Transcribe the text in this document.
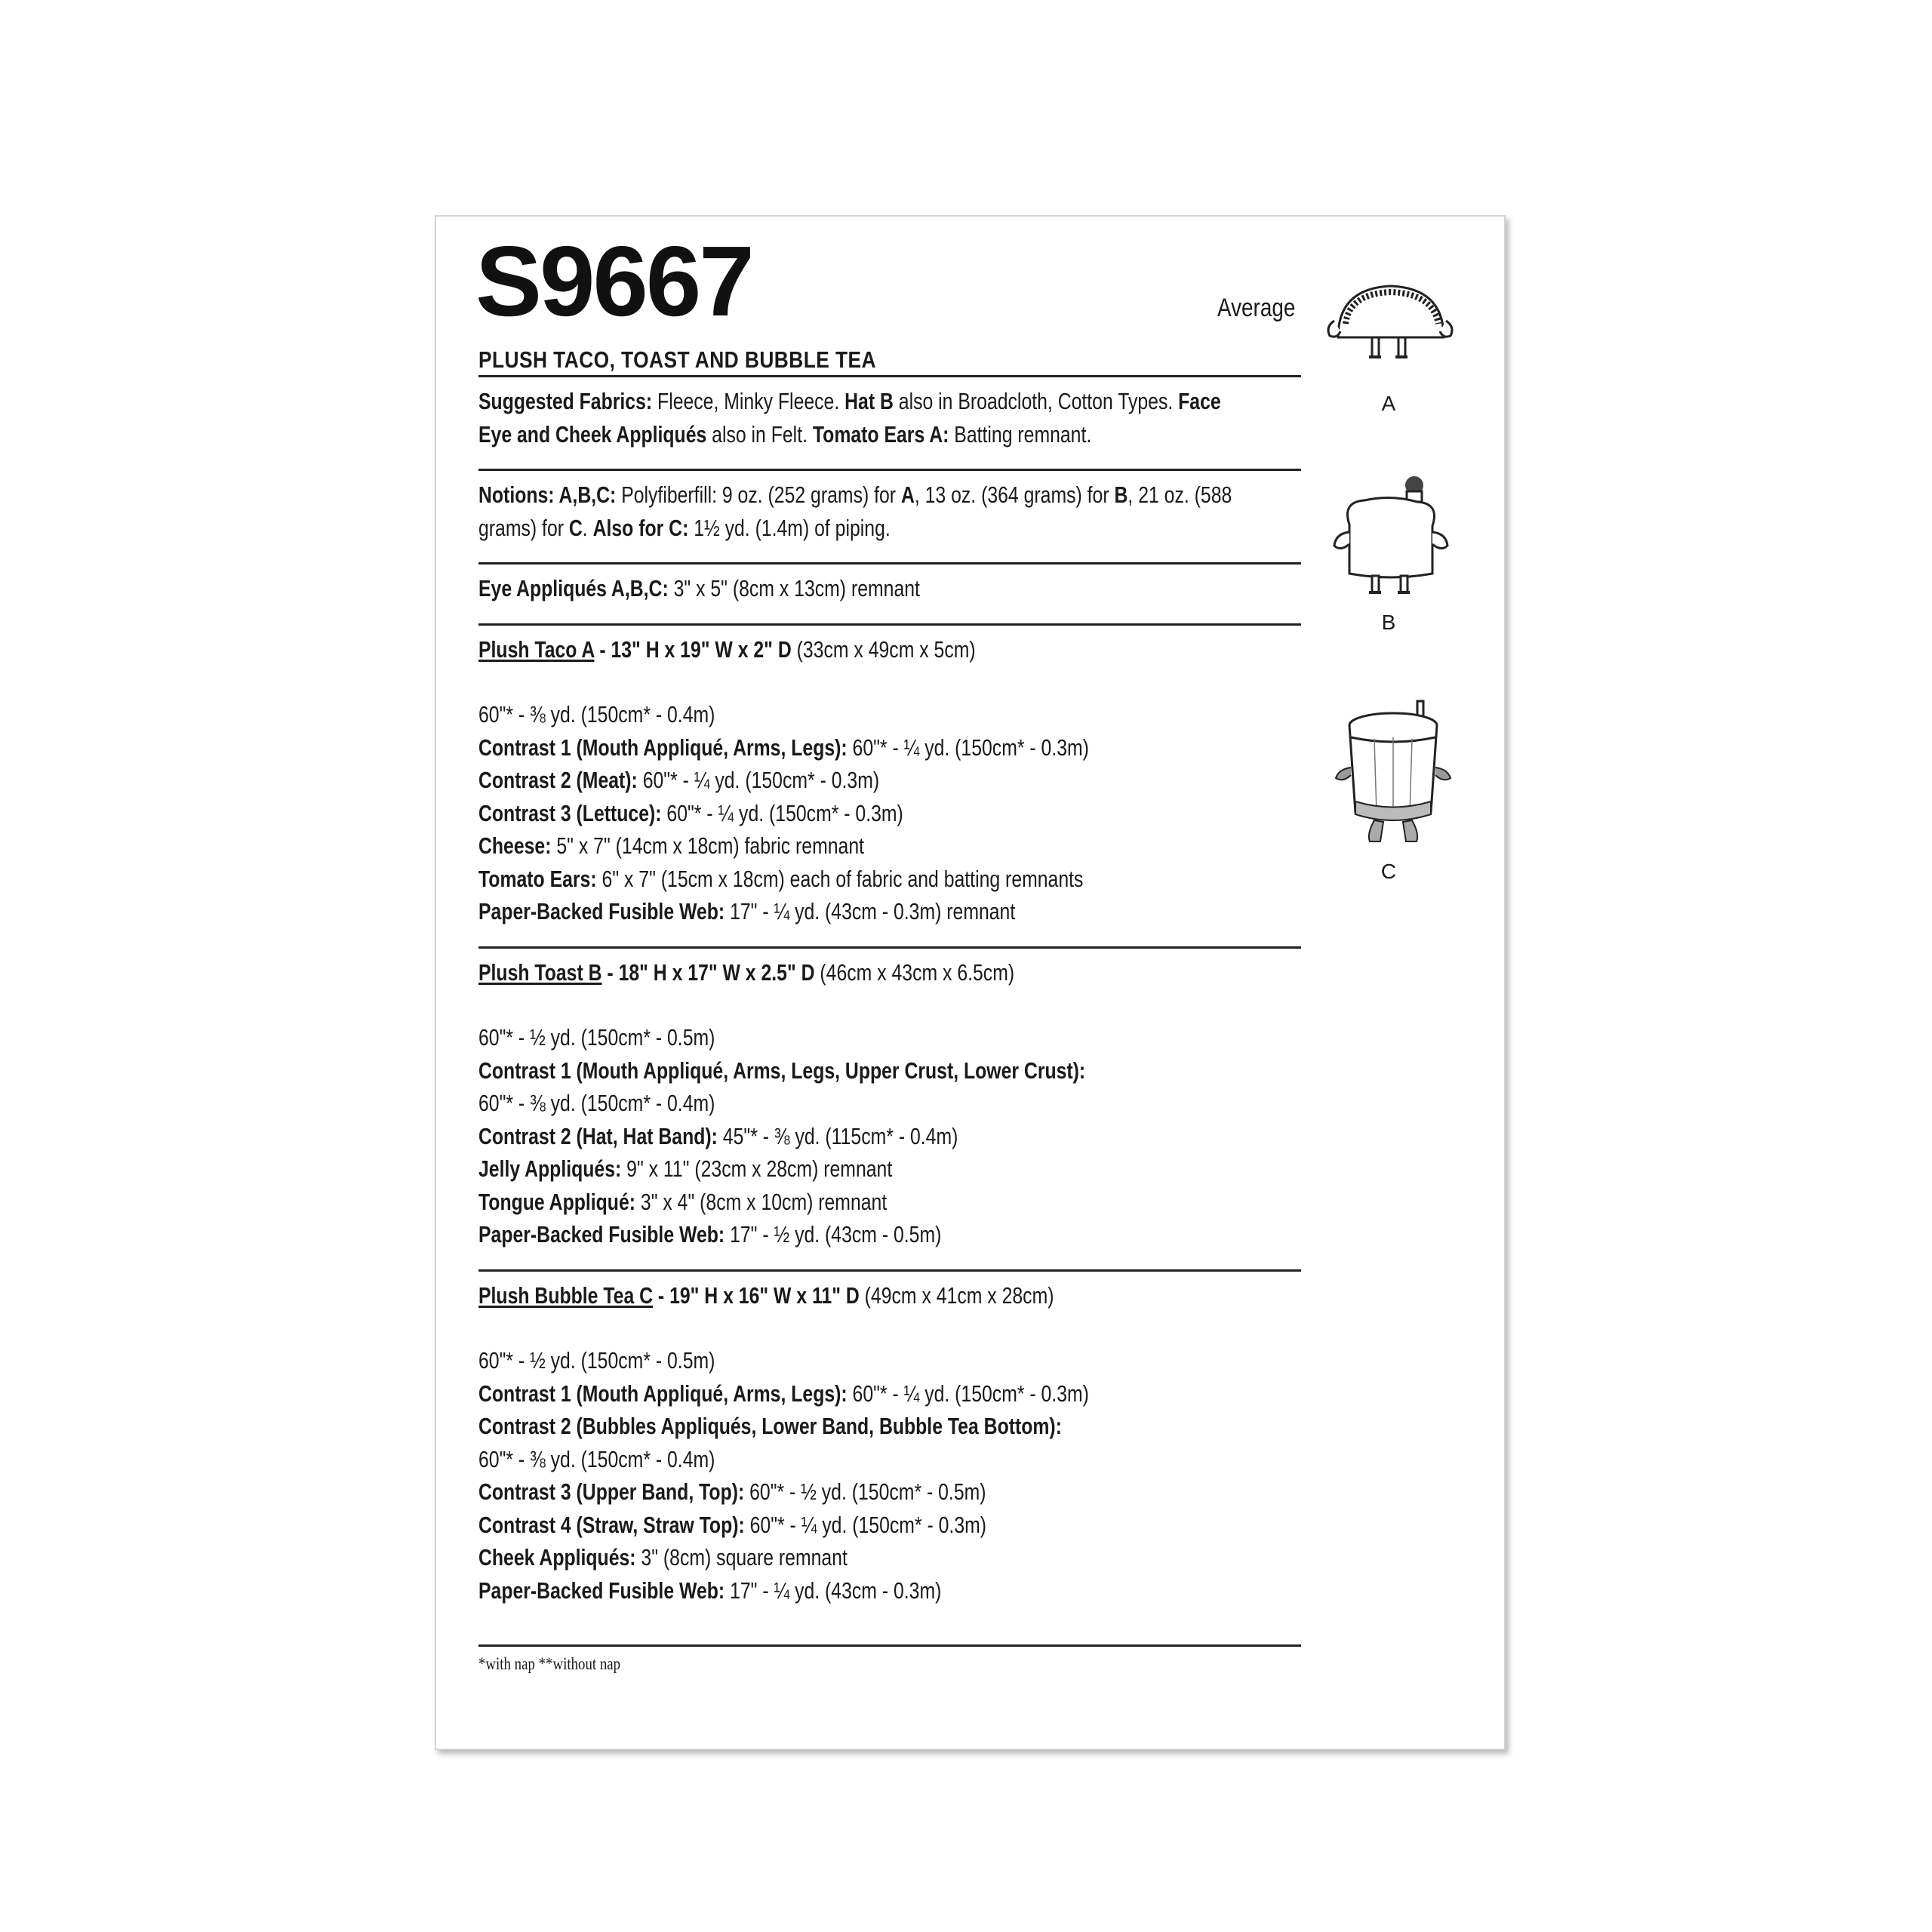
S9667	Average
PLUSH TACO, TOAST AND BUBBLE TEA
Suggested Fabrics: Fleece, Minky Fleece. Hat B also in Broadcloth, Cotton Types. Face
Eye and Cheek Appliqués also in Felt. Tomato Ears A: Batting remnant.
Notions: A,B,C: Polyfiberfill: 9 oz. (252 grams) for A, 13 oz. (364 grams) for B, 21 oz. (588
grams) for C. Also for C: 1½ yd. (1.4m) of piping.
Eye Appliqués A,B,C: 3" x 5" (8cm x 13cm) remnant
Plush Taco A - 13" H x 19" W x 2" D (33cm x 49cm x 5cm)
60"* - ⅜ yd. (150cm* - 0.4m)
Contrast 1 (Mouth Appliqué, Arms, Legs): 60"* - ¼ yd. (150cm* - 0.3m)
Contrast 2 (Meat): 60"* - ¼ yd. (150cm* - 0.3m)
Contrast 3 (Lettuce): 60"* - ¼ yd. (150cm* - 0.3m)
Cheese: 5" x 7" (14cm x 18cm) fabric remnant
Tomato Ears: 6" x 7" (15cm x 18cm) each of fabric and batting remnants
Paper-Backed Fusible Web: 17" - ¼ yd. (43cm - 0.3m) remnant
Plush Toast B - 18" H x 17" W x 2.5" D (46cm x 43cm x 6.5cm)
60"* - ½ yd. (150cm* - 0.5m)
Contrast 1 (Mouth Appliqué, Arms, Legs, Upper Crust, Lower Crust):
60"* - ⅜ yd. (150cm* - 0.4m)
Contrast 2 (Hat, Hat Band): 45"* - ⅜ yd. (115cm* - 0.4m)
Jelly Appliqués: 9" x 11" (23cm x 28cm) remnant
Tongue Appliqué: 3" x 4" (8cm x 10cm) remnant
Paper-Backed Fusible Web: 17" - ½ yd. (43cm - 0.5m)
Plush Bubble Tea C - 19" H x 16" W x 11" D (49cm x 41cm x 28cm)
60"* - ½ yd. (150cm* - 0.5m)
Contrast 1 (Mouth Appliqué, Arms, Legs): 60"* - ¼ yd. (150cm* - 0.3m)
Contrast 2 (Bubbles Appliqués, Lower Band, Bubble Tea Bottom):
60"* - ⅜ yd. (150cm* - 0.4m)
Contrast 3 (Upper Band, Top): 60"* - ½ yd. (150cm* - 0.5m)
Contrast 4 (Straw, Straw Top): 60"* - ¼ yd. (150cm* - 0.3m)
Cheek Appliqués: 3" (8cm) square remnant
Paper-Backed Fusible Web: 17" - ¼ yd. (43cm - 0.3m)
*with nap **without nap
A
B
C
